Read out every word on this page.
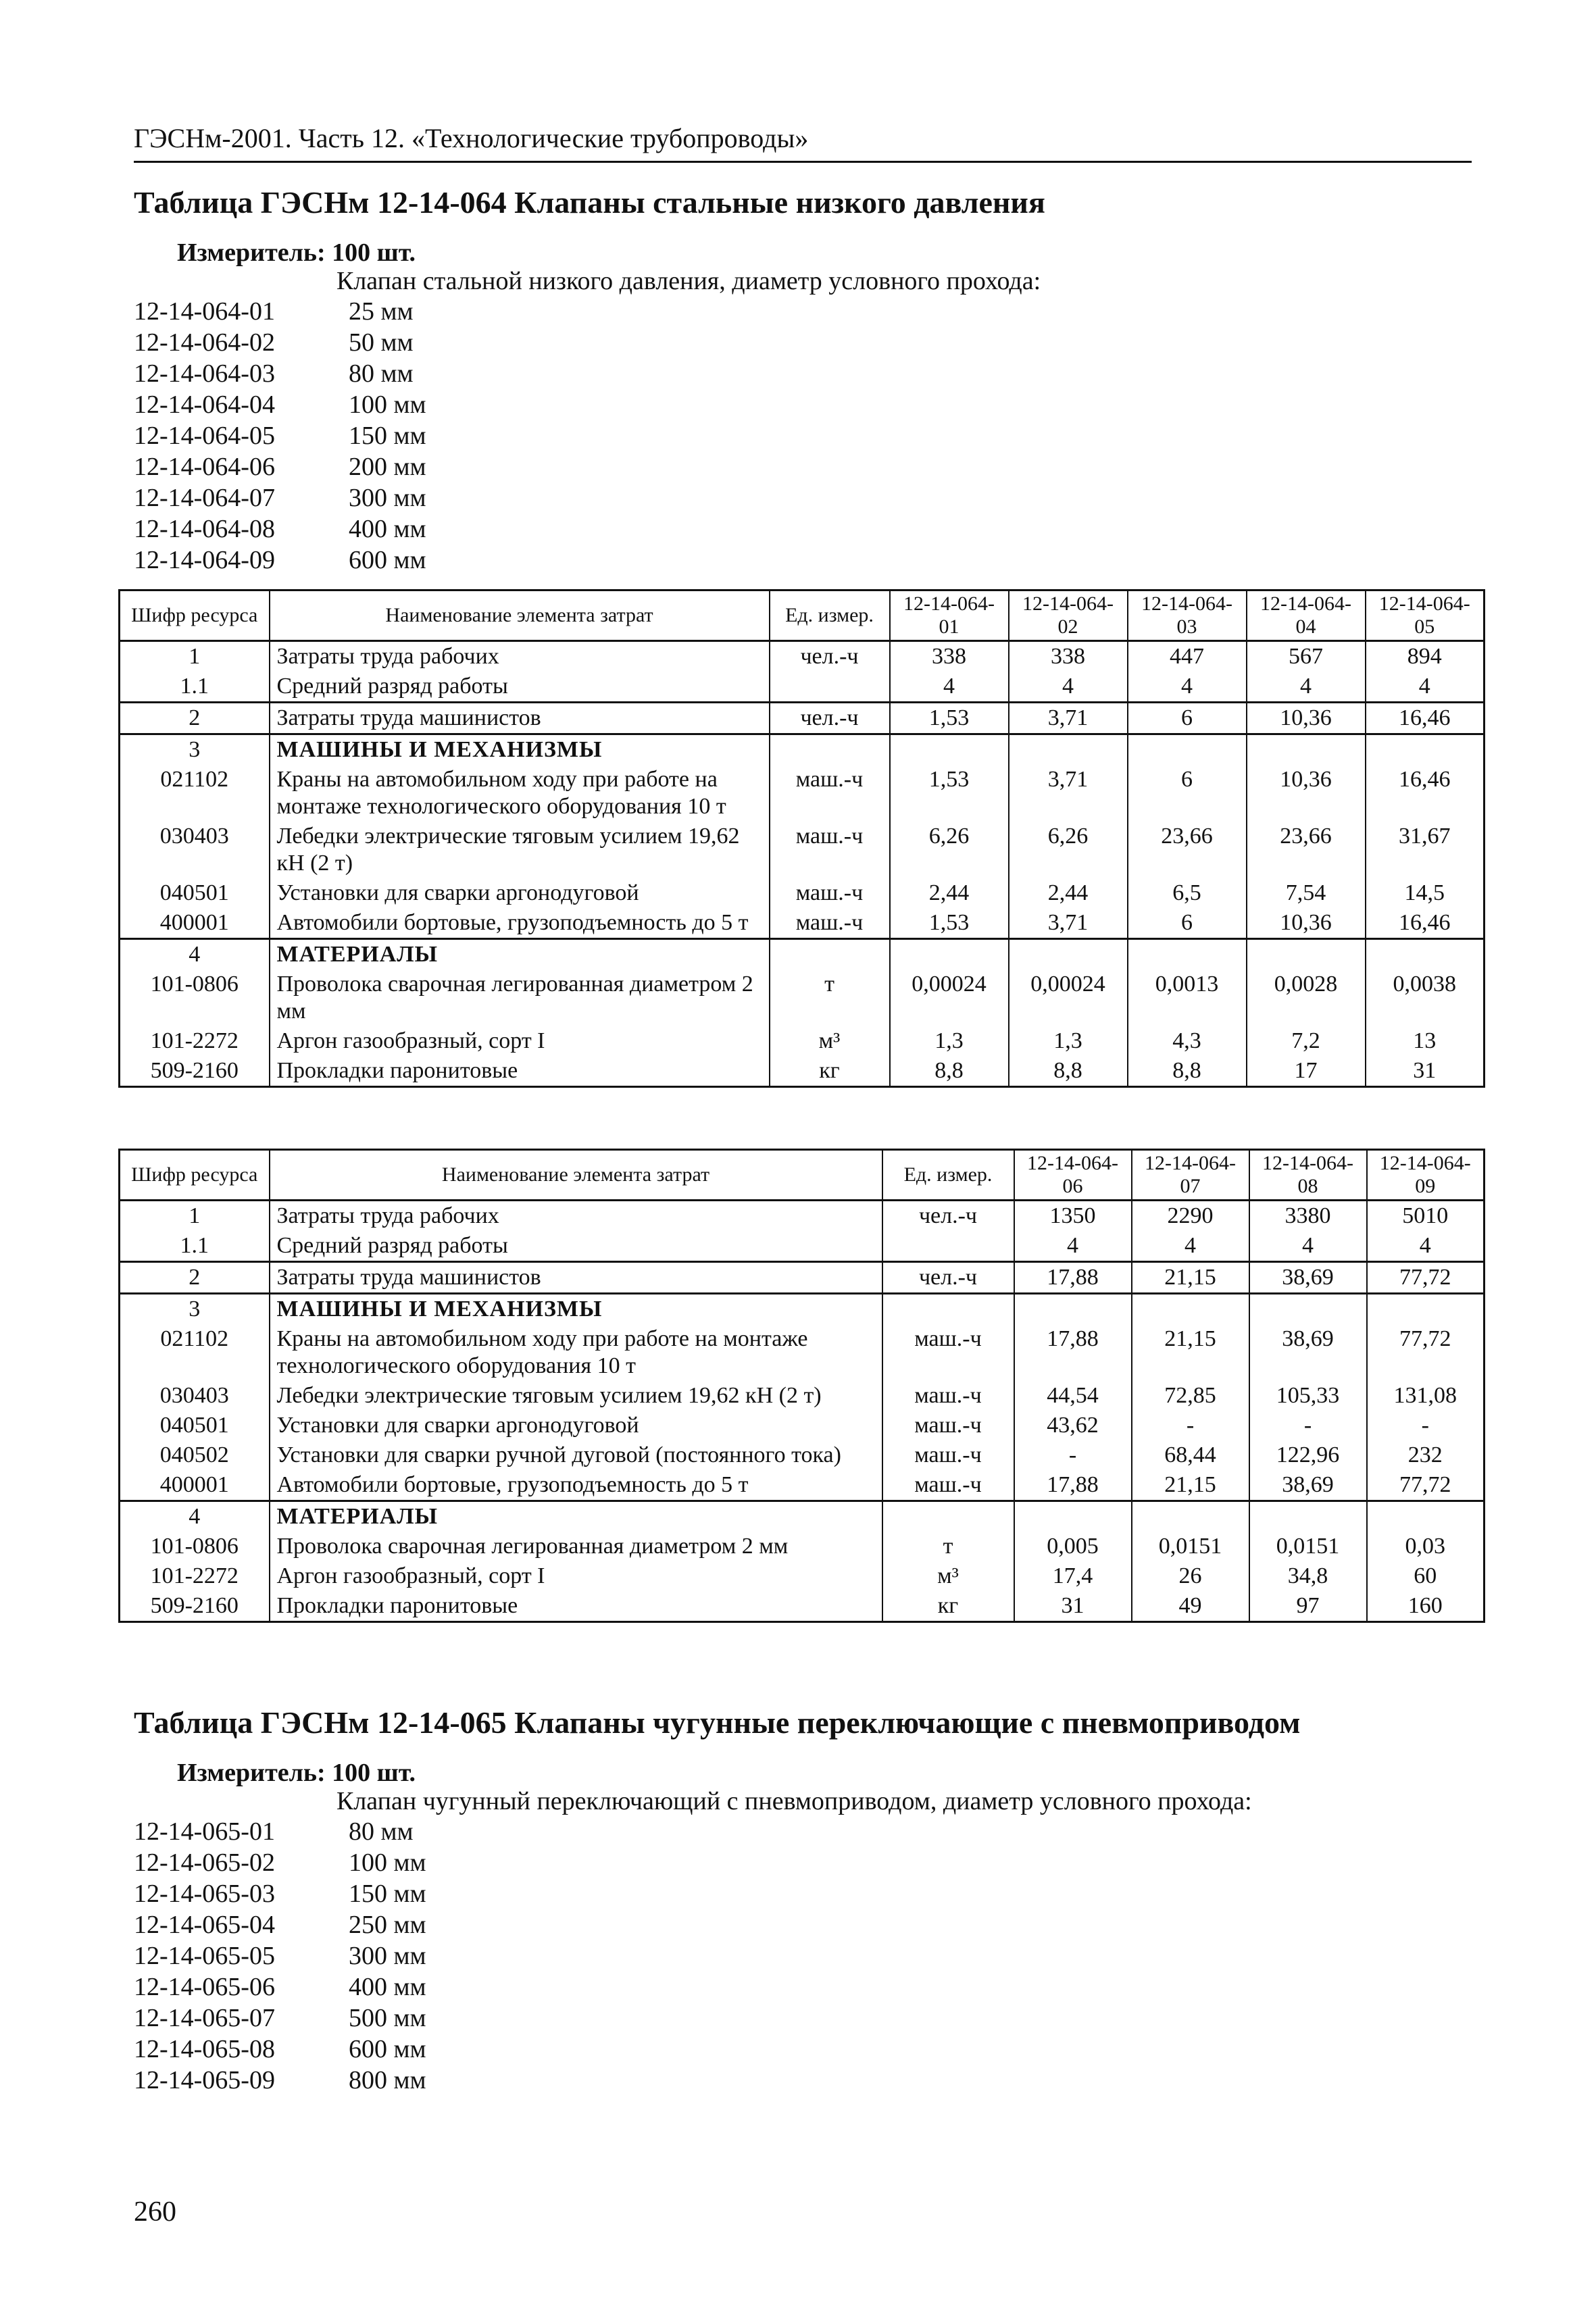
ГЭСНм-2001. Часть 12. «Технологические трубопроводы»
Таблица ГЭСНм 12-14-064 Клапаны стальные низкого давления
Измеритель: 100 шт.
Клапан стальной низкого давления, диаметр условного прохода:
12-14-064-01	25 мм
12-14-064-02	50 мм
12-14-064-03	80 мм
12-14-064-04	100 мм
12-14-064-05	150 мм
12-14-064-06	200 мм
12-14-064-07	300 мм
12-14-064-08	400 мм
12-14-064-09	600 мм
Шифр ресурса	Наименование элемента затрат	Ед. измер.	12-14-064-01	12-14-064-02	12-14-064-03	12-14-064-04	12-14-064-05
1	Затраты труда рабочих	чел.-ч	338	338	447	567	894
1.1	Средний разряд работы		4	4	4	4	4
2	Затраты труда машинистов	чел.-ч	1,53	3,71	6	10,36	16,46
3	МАШИНЫ И МЕХАНИЗМЫ						
021102	Краны на автомобильном ходу при работе на монтаже технологического оборудования 10 т	маш.-ч	1,53	3,71	6	10,36	16,46
030403	Лебедки электрические тяговым усилием 19,62 кН (2 т)	маш.-ч	6,26	6,26	23,66	23,66	31,67
040501	Установки для сварки аргонодуговой	маш.-ч	2,44	2,44	6,5	7,54	14,5
400001	Автомобили бортовые, грузоподъемность до 5 т	маш.-ч	1,53	3,71	6	10,36	16,46
4	МАТЕРИАЛЫ						
101-0806	Проволока сварочная легированная диаметром 2 мм	т	0,00024	0,00024	0,0013	0,0028	0,0038
101-2272	Аргон газообразный, сорт I	м³	1,3	1,3	4,3	7,2	13
509-2160	Прокладки паронитовые	кг	8,8	8,8	8,8	17	31
Шифр ресурса	Наименование элемента затрат	Ед. измер.	12-14-064-06	12-14-064-07	12-14-064-08	12-14-064-09
1	Затраты труда рабочих	чел.-ч	1350	2290	3380	5010
1.1	Средний разряд работы		4	4	4	4
2	Затраты труда машинистов	чел.-ч	17,88	21,15	38,69	77,72
3	МАШИНЫ И МЕХАНИЗМЫ					
021102	Краны на автомобильном ходу при работе на монтаже технологического оборудования 10 т	маш.-ч	17,88	21,15	38,69	77,72
030403	Лебедки электрические тяговым усилием 19,62 кН (2 т)	маш.-ч	44,54	72,85	105,33	131,08
040501	Установки для сварки аргонодуговой	маш.-ч	43,62	-	-	-
040502	Установки для сварки ручной дуговой (постоянного тока)	маш.-ч	-	68,44	122,96	232
400001	Автомобили бортовые, грузоподъемность до 5 т	маш.-ч	17,88	21,15	38,69	77,72
4	МАТЕРИАЛЫ					
101-0806	Проволока сварочная легированная диаметром 2 мм	т	0,005	0,0151	0,0151	0,03
101-2272	Аргон газообразный, сорт I	м³	17,4	26	34,8	60
509-2160	Прокладки паронитовые	кг	31	49	97	160
Таблица ГЭСНм 12-14-065 Клапаны чугунные переключающие с пневмоприводом
Измеритель: 100 шт.
Клапан чугунный переключающий с пневмоприводом, диаметр условного прохода:
12-14-065-01	80 мм
12-14-065-02	100 мм
12-14-065-03	150 мм
12-14-065-04	250 мм
12-14-065-05	300 мм
12-14-065-06	400 мм
12-14-065-07	500 мм
12-14-065-08	600 мм
12-14-065-09	800 мм
260
